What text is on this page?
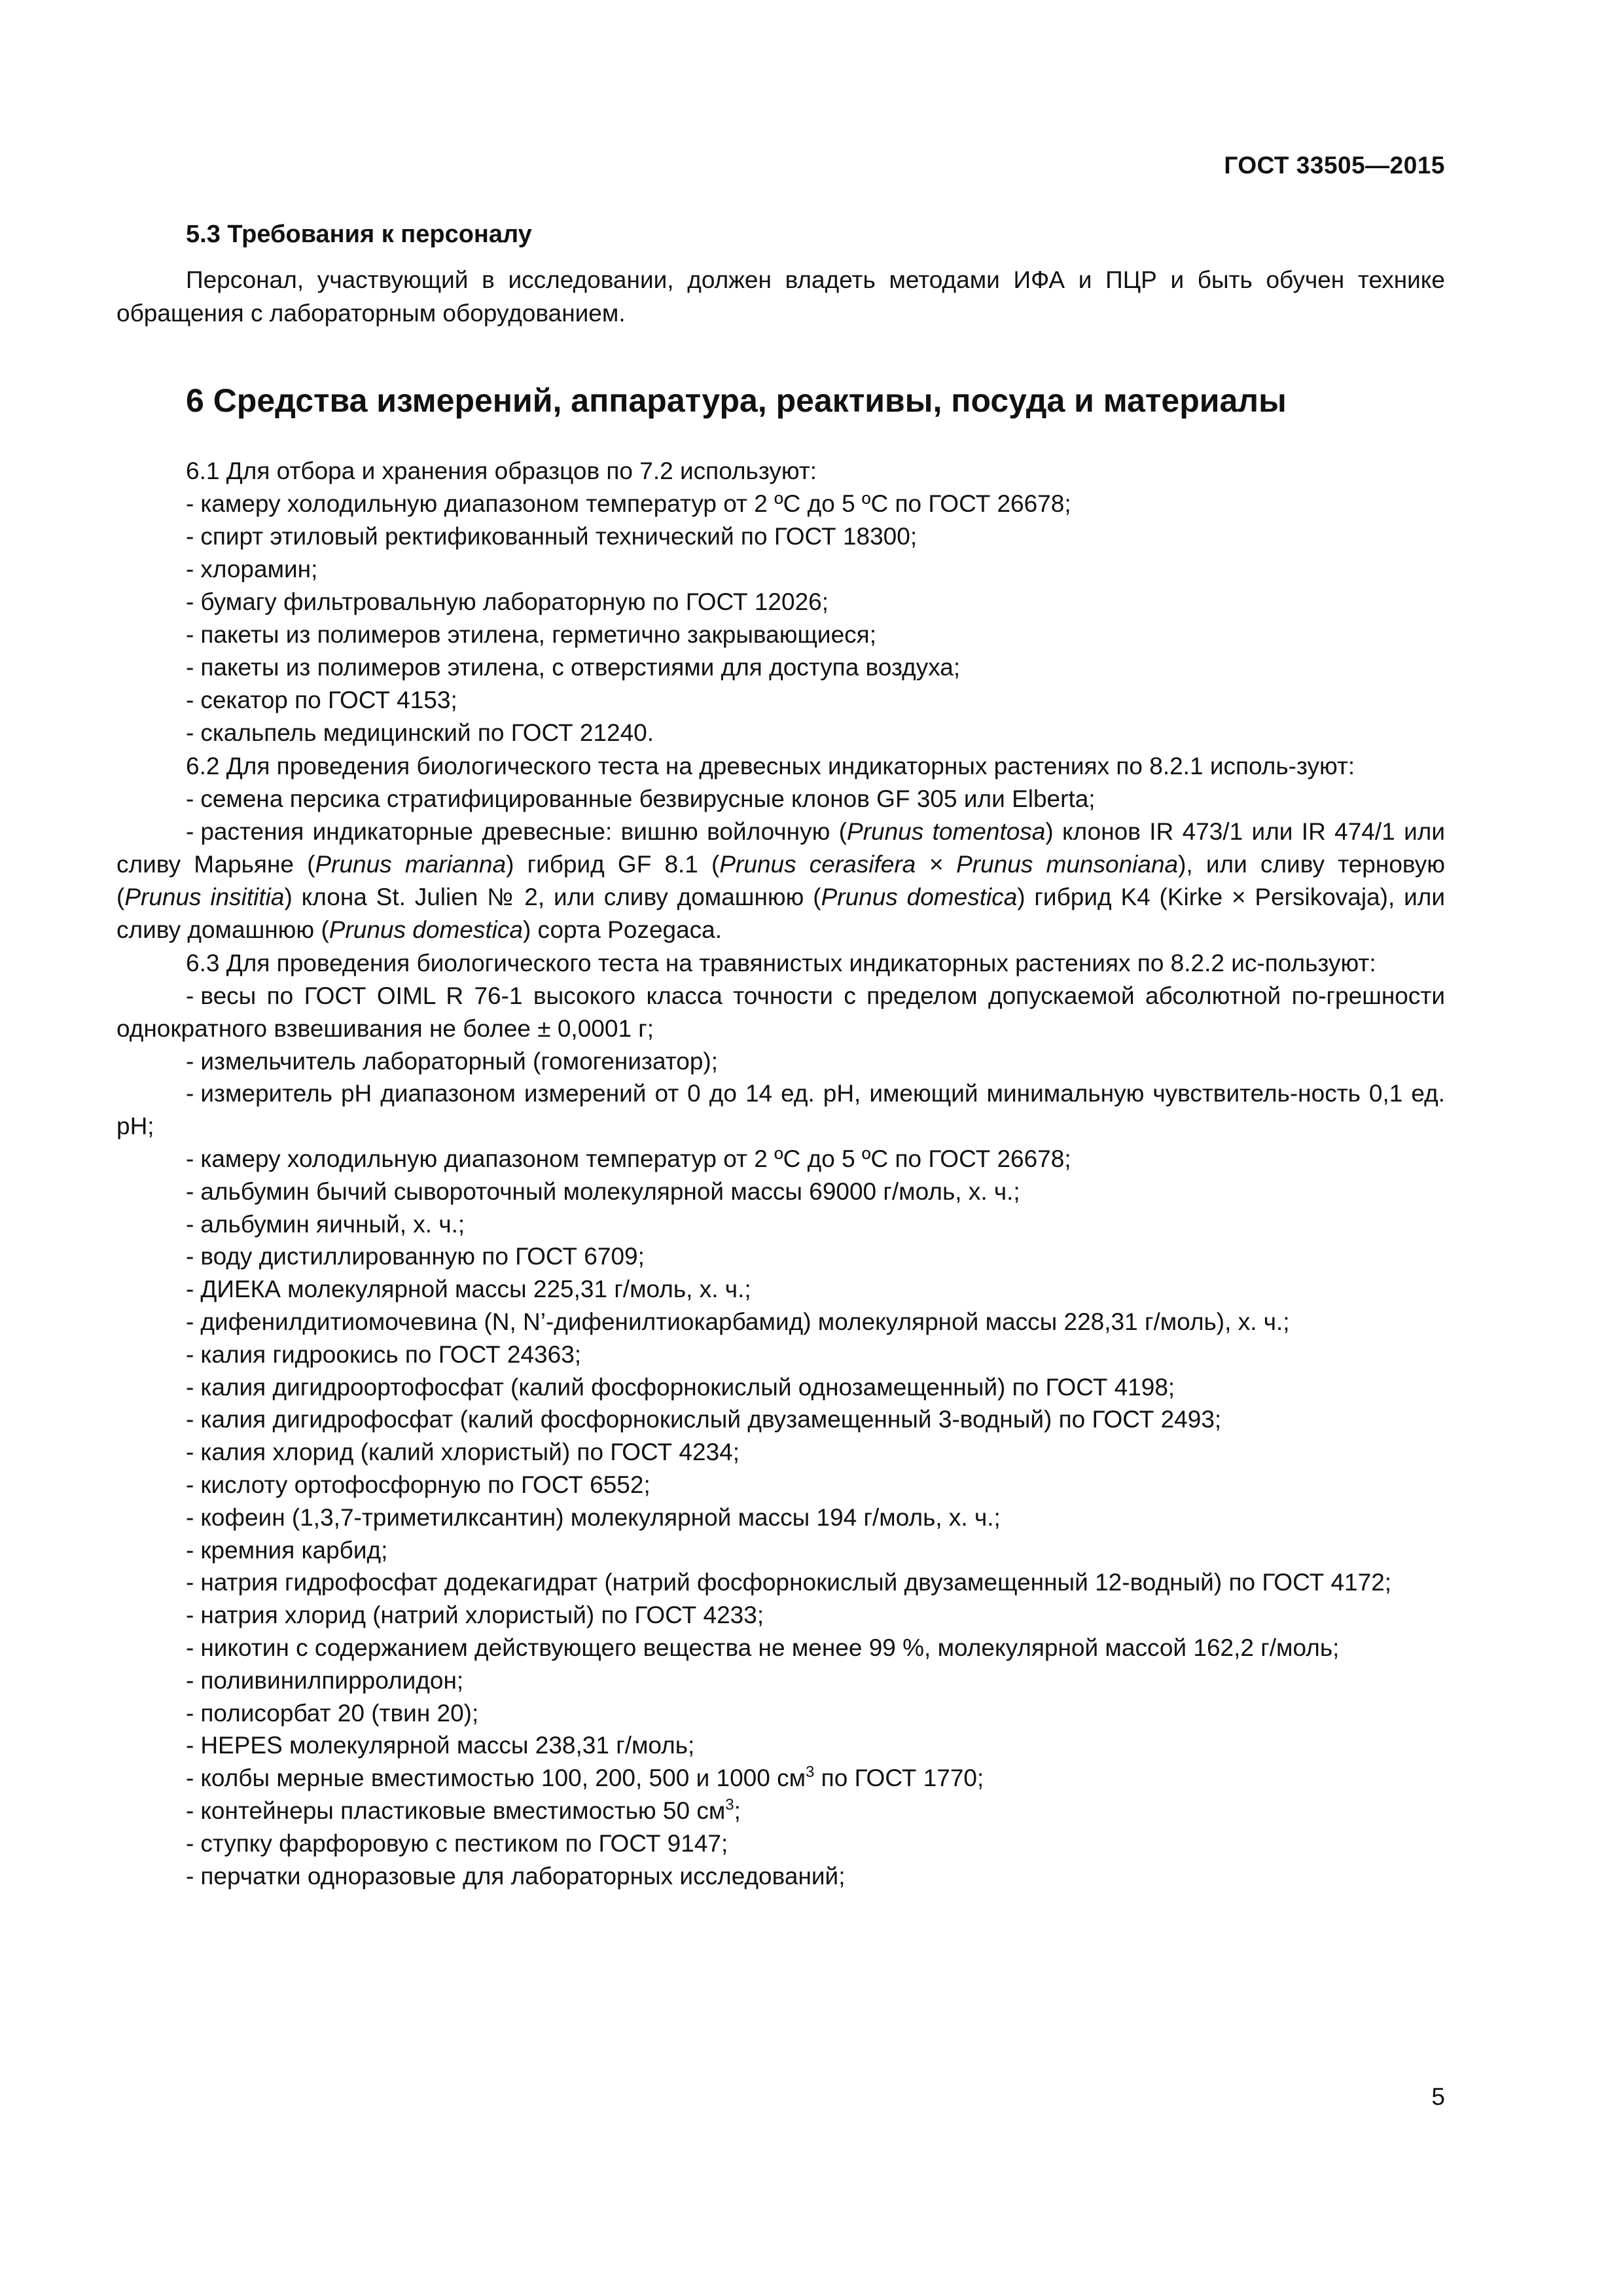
ГОСТ 33505—2015
5.3 Требования к персоналу

Персонал, участвующий в исследовании, должен владеть методами ИФА и ПЦР и быть обучен технике обращения с лабораторным оборудованием.

6 Средства измерений, аппаратура, реактивы, посуда и материалы

6.1 Для отбора и хранения образцов по 7.2 используют:

- камеру холодильную диапазоном температур от 2 ºС до 5 ºС по ГОСТ 26678;

- спирт этиловый ректификованный технический по ГОСТ 18300;

- хлорамин;

- бумагу фильтровальную лабораторную по ГОСТ 12026;

- пакеты из полимеров этилена, герметично закрывающиеся;

- пакеты из полимеров этилена, с отверстиями для доступа воздуха;

- секатор по ГОСТ 4153;

- скальпель медицинский по ГОСТ 21240.

6.2 Для проведения биологического теста на древесных индикаторных растениях по 8.2.1 исполь-зуют:

- семена персика стратифицированные безвирусные клонов GF 305 или Elberta;

- растения индикаторные древесные: вишню войлочную (Prunus tomentosa) клонов IR 473/1 или IR 474/1 или сливу Марьяне (Prunus marianna) гибрид GF 8.1 (Prunus cerasifera × Prunus munsoniana), или сливу терновую (Prunus insititia) клона St. Julien № 2, или сливу домашнюю (Prunus domestica) гибрид K4 (Kirke × Persikovaja), или сливу домашнюю (Prunus domestica) сорта Pozegaca.

6.3 Для проведения биологического теста на травянистых индикаторных растениях по 8.2.2 ис-пользуют:

- весы по ГОСТ OIML R 76-1 высокого класса точности с пределом допускаемой абсолютной по-грешности однократного взвешивания не более ± 0,0001 г;

- измельчитель лабораторный (гомогенизатор);

- измеритель pH диапазоном измерений от 0 до 14 ед. pH, имеющий минимальную чувствитель-ность 0,1 ед. pH;

- камеру холодильную диапазоном температур от 2 ºС до 5 ºС по ГОСТ 26678;

- альбумин бычий сывороточный молекулярной массы 69000 г/моль, х. ч.;

- альбумин яичный, х. ч.;

- воду дистиллированную по ГОСТ 6709;

- ДИЕКА молекулярной массы 225,31 г/моль, х. ч.;

- дифенилдитиомочевина (N, N’-дифенилтиокарбамид) молекулярной массы 228,31 г/моль), х. ч.;

- калия гидроокись по ГОСТ 24363;

- калия дигидроортофосфат (калий фосфорнокислый однозамещенный) по ГОСТ 4198;

- калия дигидрофосфат (калий фосфорнокислый двузамещенный 3-водный) по ГОСТ 2493;

- калия хлорид (калий хлористый) по ГОСТ 4234;

- кислоту ортофосфорную по ГОСТ 6552;

- кофеин (1,3,7-триметилксантин) молекулярной массы 194 г/моль, х. ч.;

- кремния карбид;

- натрия гидрофосфат додекагидрат (натрий фосфорнокислый двузамещенный 12-водный) по ГОСТ 4172;

- натрия хлорид (натрий хлористый) по ГОСТ 4233;

- никотин с содержанием действующего вещества не менее 99 %, молекулярной массой 162,2 г/моль;

- поливинилпирролидон;

- полисорбат 20 (твин 20);

- HEPES молекулярной массы 238,31 г/моль;

- колбы мерные вместимостью 100, 200, 500 и 1000 $см^3$ по ГОСТ 1770;

- контейнеры пластиковые вместимостью 50 $см^3$;

- ступку фарфоровую с пестиком по ГОСТ 9147;

- перчатки одноразовые для лабораторных исследований;

5
